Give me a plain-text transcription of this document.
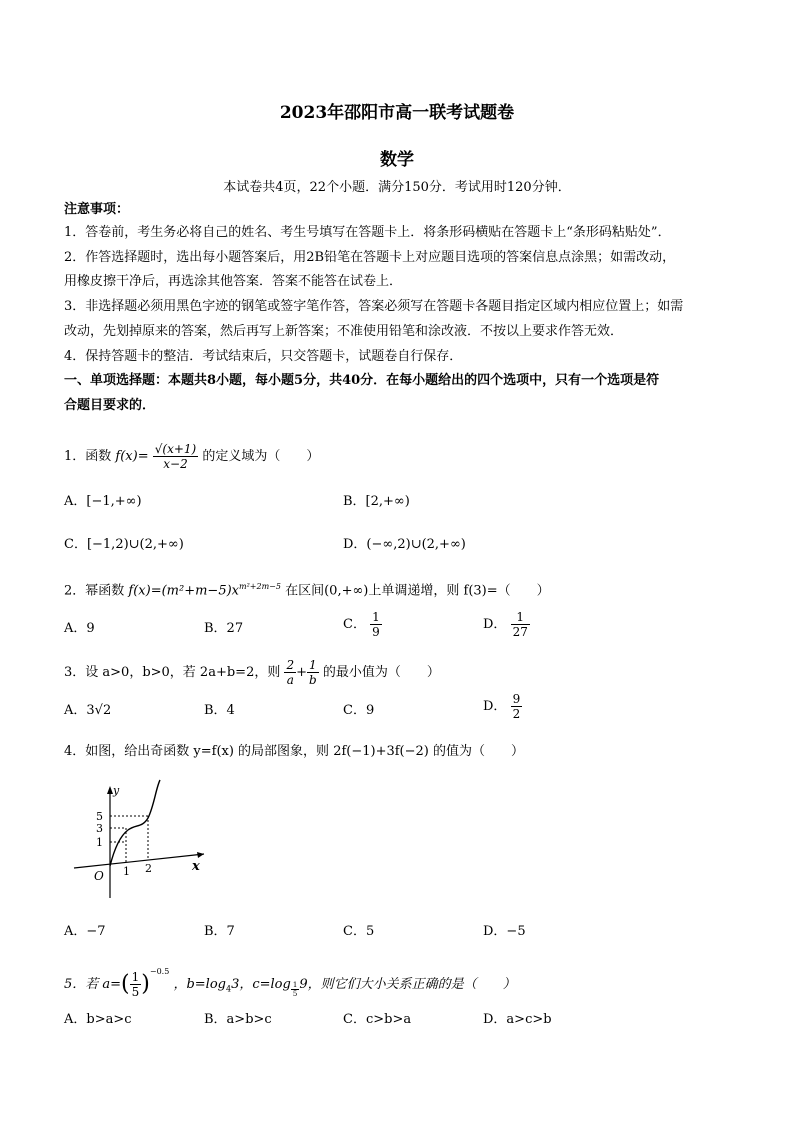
2023年邵阳市高一联考试题卷
数学
本试卷共4页，22个小题．满分150分．考试用时120分钟．
注意事项：
1．答卷前，考生务必将自己的姓名、考生号填写在答题卡上．将条形码横贴在答题卡上“条形码粘贴处”．
2．作答选择题时，选出每小题答案后，用2B铅笔在答题卡上对应题目选项的答案信息点涂黑；如需改动，
用橡皮擦干净后，再选涂其他答案．答案不能答在试卷上．
3．非选择题必须用黑色字迹的钢笔或签字笔作答，答案必须写在答题卡各题目指定区域内相应位置上；如需
改动，先划掉原来的答案，然后再写上新答案；不准使用铅笔和涂改液．不按以上要求作答无效．
4．保持答题卡的整洁．考试结束后，只交答题卡，试题卷自行保存．
一、单项选择题：本题共8小题，每小题5分，共40分．在每小题给出的四个选项中，只有一个选项是符
合题目要求的．
1．函数 $f(x)= \frac{√(x+1)}{x-2}$ 的定义域为（　　）
A．[−1,+∞)	B．[2,+∞)
C．[−1,2)∪(2,+∞)	D．(−∞,2)∪(2,+∞)
2．幂函数 $f(x)=(m^2+m-5)x^{m^2+2m-5}$ 在区间(0,+∞)上单调递增，则 f(3)=（　　）
A．9	B．27	C． $\frac{1}{9}$	D． $\frac{1}{27}$
3．设 a>0，b>0，若 2a+b=2，则 $\frac{2}{a} + \frac{1}{b}$ 的最小值为（　　）
A．3√2	B．4	C．9	D． $\frac{9}{2}$
4．如图，给出奇函数 y=f(x) 的局部图象，则 2f(−1)+3f(−2) 的值为（　　）
y
x
O
5
3
1
1 2
A．−7	B．7	C．5	D．−5
5．若 $a=( \frac{1}{5} )^{-0.5}$ ，$b=\log_43$，c=log $_{\frac{1}{5}}$ 9，则它们大小关系正确的是（　　）
A．b>a>c	B．a>b>c	C．c>b>a	D．a>c>b
